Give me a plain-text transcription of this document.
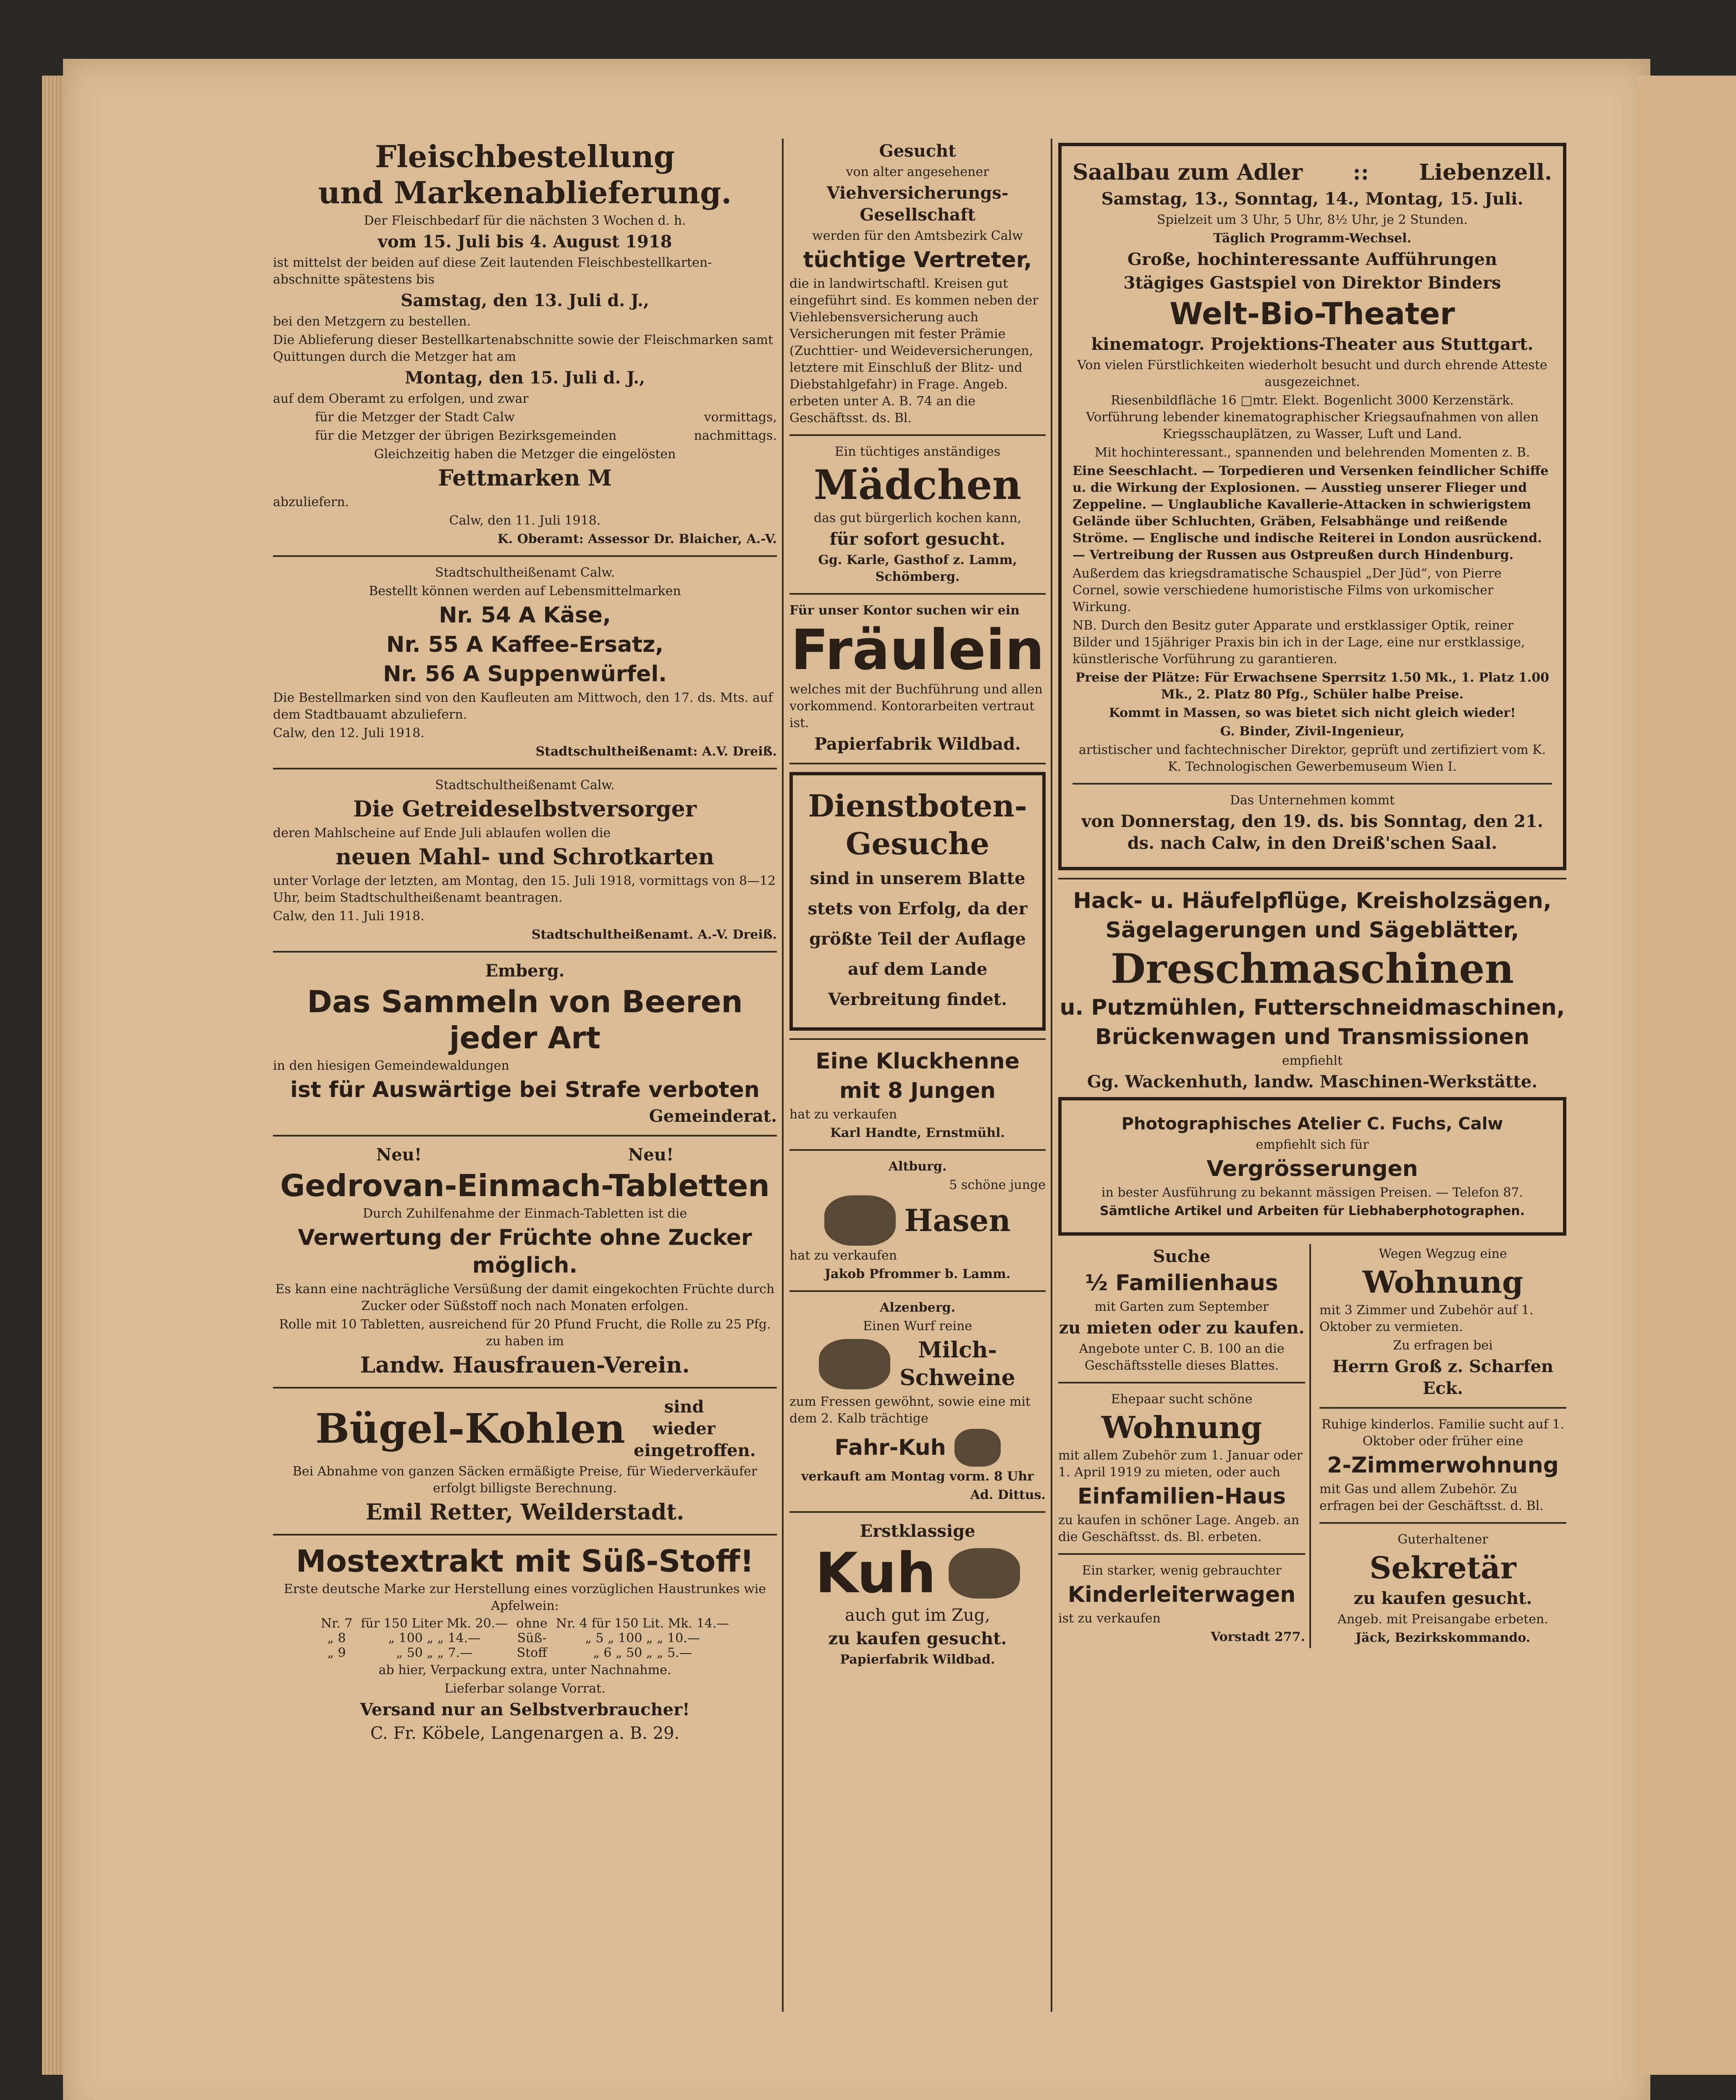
Fleischbestellung
und Markenablieferung.

Der Fleischbedarf für die nächsten 3 Wochen d. h.

vom 15. Juli bis 4. August 1918

ist mittelst der beiden auf diese Zeit lautenden Fleischbestellkarten-abschnitte spätestens bis

Samstag, den 13. Juli d. J.,

bei den Metzgern zu bestellen.

Die Ablieferung dieser Bestellkartenabschnitte sowie der Fleischmarken samt Quittungen durch die Metzger hat am

Montag, den 15. Juli d. J.,

auf dem Oberamt zu erfolgen, und zwar

für die Metzger der Stadt Calw	vormittags,

für die Metzger der übrigen Bezirksgemeinden	nachmittags.

Gleichzeitig haben die Metzger die eingelösten

Fettmarken M

abzuliefern.

Calw, den 11. Juli 1918.

K. Oberamt: Assessor Dr. Blaicher, A.-V.

Stadtschultheißenamt Calw.

Bestellt können werden auf Lebensmittelmarken

Nr. 54 A Käse,

Nr. 55 A Kaffee-Ersatz,

Nr. 56 A Suppenwürfel.

Die Bestellmarken sind von den Kaufleuten am Mittwoch, den 17. ds. Mts. auf dem Stadtbauamt abzuliefern.

Calw, den 12. Juli 1918.

Stadtschultheißenamt: A.V. Dreiß.

Stadtschultheißenamt Calw.

Die Getreideselbstversorger

deren Mahlscheine auf Ende Juli ablaufen wollen die

neuen Mahl- und Schrotkarten

unter Vorlage der letzten, am Montag, den 15. Juli 1918, vormittags von 8—12 Uhr, beim Stadtschultheißenamt beantragen.

Calw, den 11. Juli 1918.

Stadtschultheißenamt. A.-V. Dreiß.

Emberg.

Das Sammeln von Beeren jeder Art

in den hiesigen Gemeindewaldungen

ist für Auswärtige bei Strafe verboten

Gemeinderat.

Neu!	Neu!

Gedrovan-Einmach-Tabletten

Durch Zuhilfenahme der Einmach-Tabletten ist die

Verwertung der Früchte ohne Zucker möglich.

Es kann eine nachträgliche Versüßung der damit eingekochten Früchte durch Zucker oder Süßstoff noch nach Monaten erfolgen.

Rolle mit 10 Tabletten, ausreichend für 20 Pfund Frucht, die Rolle zu 25 Pfg. zu haben im

Landw. Hausfrauen-Verein.

Bügel-Kohlen	sind wieder eingetroffen.

Bei Abnahme von ganzen Säcken ermäßigte Preise, für Wiederverkäufer erfolgt billigste Berechnung.

Emil Retter, Weilderstadt.

Mostextrakt mit Süß-Stoff!

Erste deutsche Marke zur Herstellung eines vorzüglichen Haustrunkes wie Apfelwein:

Nr. 7	für 150 Liter Mk. 20.—	ohne	Nr. 4 für 150 Lit. Mk. 14.—
„ 8	„ 100 „ „ 14.—	Süß-	„ 5 „ 100 „ „ 10.—
„ 9	„ 50 „ „ 7.—	Stoff	„ 6 „ 50 „ „ 5.—

ab hier, Verpackung extra, unter Nachnahme.

Lieferbar solange Vorrat.

Versand nur an Selbstverbraucher!

C. Fr. Köbele, Langenargen a. B. 29.

Gesucht

von alter angesehener

Viehversicherungs-Gesellschaft

werden für den Amtsbezirk Calw

tüchtige Vertreter,

die in landwirtschaftl. Kreisen gut eingeführt sind. Es kommen neben der Viehlebensversicherung auch Versicherungen mit fester Prämie (Zuchttier- und Weideversicherungen, letztere mit Einschluß der Blitz- und Diebstahlgefahr) in Frage. Angeb. erbeten unter A. B. 74 an die Geschäftsst. ds. Bl.

Ein tüchtiges anständiges

Mädchen

das gut bürgerlich kochen kann,

für sofort gesucht.

Gg. Karle, Gasthof z. Lamm, Schömberg.

Für unser Kontor suchen wir ein

Fräulein

welches mit der Buchführung und allen vorkommend. Kontorarbeiten vertraut ist.

Papierfabrik Wildbad.

Dienstboten-

Gesuche

sind in unserem Blatte stets von Erfolg, da der größte Teil der Auflage auf dem Lande Verbreitung findet.

Eine Kluckhenne

mit 8 Jungen

hat zu verkaufen

Karl Handte, Ernstmühl.

Altburg.

5 schöne junge

Hasen

hat zu verkaufen

Jakob Pfrommer b. Lamm.

Alzenberg.

Einen Wurf reine

Milch-Schweine

zum Fressen gewöhnt, sowie eine mit dem 2. Kalb trächtige

Fahr-Kuh

verkauft am Montag vorm. 8 Uhr

Ad. Dittus.

Erstklassige

Kuh

auch gut im Zug,

zu kaufen gesucht.

Papierfabrik Wildbad.

Saalbau zum Adler :: Liebenzell.

Samstag, 13., Sonntag, 14., Montag, 15. Juli.

Spielzeit um 3 Uhr, 5 Uhr, 8½ Uhr, je 2 Stunden.

Täglich Programm-Wechsel.

Große, hochinteressante Aufführungen

3tägiges Gastspiel von Direktor Binders

Welt-Bio-Theater

kinematogr. Projektions-Theater aus Stuttgart.

Von vielen Fürstlichkeiten wiederholt besucht und durch ehrende Atteste ausgezeichnet.

Riesenbildfläche 16 □mtr. Elekt. Bogenlicht 3000 Kerzenstärk. Vorführung lebender kinematographischer Kriegsaufnahmen von allen Kriegsschauplätzen, zu Wasser, Luft und Land.

Mit hochinteressant., spannenden und belehrenden Momenten z. B.

Eine Seeschlacht. — Torpedieren und Versenken feindlicher Schiffe u. die Wirkung der Explosionen. — Ausstieg unserer Flieger und Zeppeline. — Unglaubliche Kavallerie-Attacken in schwierigstem Gelände über Schluchten, Gräben, Felsabhänge und reißende Ströme. — Englische und indische Reiterei in London ausrückend. — Vertreibung der Russen aus Ostpreußen durch Hindenburg.

Außerdem das kriegsdramatische Schauspiel „Der Jüd“, von Pierre Cornel, sowie verschiedene humoristische Films von urkomischer Wirkung.

NB. Durch den Besitz guter Apparate und erstklassiger Optik, reiner Bilder und 15jähriger Praxis bin ich in der Lage, eine nur erstklassige, künstlerische Vorführung zu garantieren.

Preise der Plätze: Für Erwachsene Sperrsitz 1.50 Mk., 1. Platz 1.00 Mk., 2. Platz 80 Pfg., Schüler halbe Preise.

Kommt in Massen, so was bietet sich nicht gleich wieder!

G. Binder, Zivil-Ingenieur,

artistischer und fachtechnischer Direktor, geprüft und zertifiziert vom K. K. Technologischen Gewerbemuseum Wien I.

Das Unternehmen kommt

von Donnerstag, den 19. ds. bis Sonntag, den 21. ds. nach Calw, in den Dreiß'schen Saal.

Hack- u. Häufelpflüge, Kreisholzsägen,

Sägelagerungen und Sägeblätter,

Dreschmaschinen

u. Putzmühlen, Futterschneidmaschinen,

Brückenwagen und Transmissionen

empfiehlt

Gg. Wackenhuth, landw. Maschinen-Werkstätte.

Photographisches Atelier C. Fuchs, Calw

empfiehlt sich für

Vergrösserungen

in bester Ausführung zu bekannt mässigen Preisen. — Telefon 87.

Sämtliche Artikel und Arbeiten für Liebhaberphotographen.

Suche

½ Familienhaus

mit Garten zum September

zu mieten oder zu kaufen.

Angebote unter C. B. 100 an die Geschäftsstelle dieses Blattes.

Ehepaar sucht schöne

Wohnung

mit allem Zubehör zum 1. Januar oder 1. April 1919 zu mieten, oder auch

Einfamilien-Haus

zu kaufen in schöner Lage. Angeb. an die Geschäftsst. ds. Bl. erbeten.

Ein starker, wenig gebrauchter

Kinderleiterwagen

ist zu verkaufen

Vorstadt 277.

Wegen Wegzug eine

Wohnung

mit 3 Zimmer und Zubehör auf 1. Oktober zu vermieten.

Zu erfragen bei

Herrn Groß z. Scharfen Eck.

Ruhige kinderlos. Familie sucht auf 1. Oktober oder früher eine

2-Zimmerwohnung

mit Gas und allem Zubehör. Zu erfragen bei der Geschäftsst. d. Bl.

Guterhaltener

Sekretär

zu kaufen gesucht.

Angeb. mit Preisangabe erbeten.

Jäck, Bezirkskommando.
